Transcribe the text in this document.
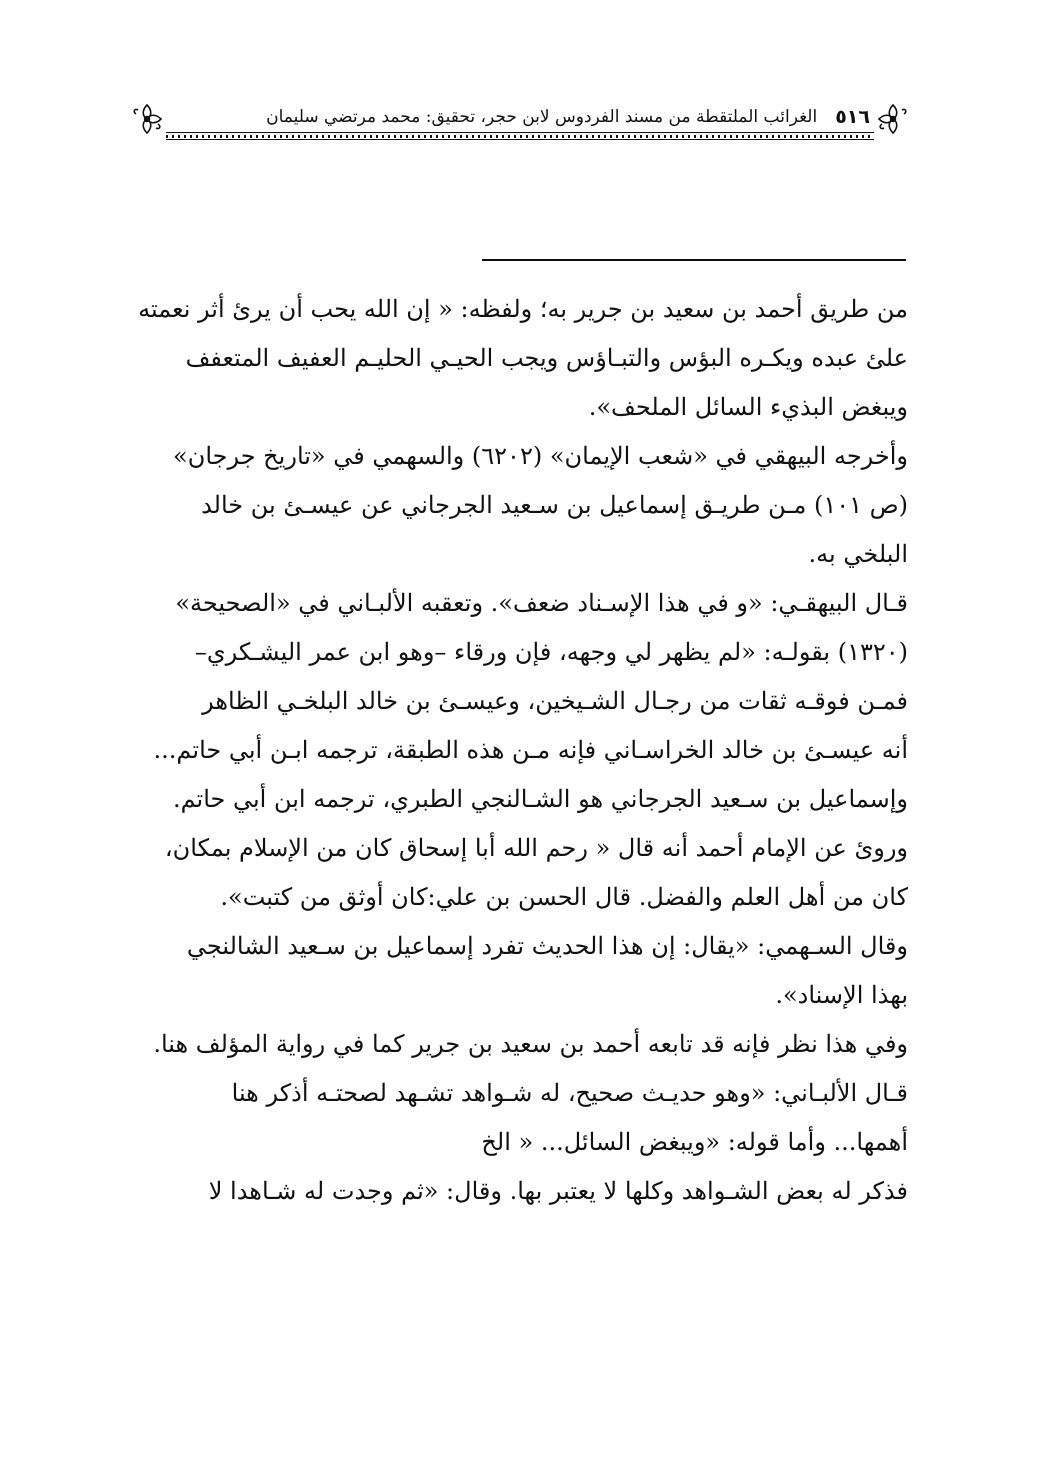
٥١٦
الغرائب الملتقطة من مسند الفردوس لابن حجر، تحقيق: محمد مرتضي سليمان
من طريق أحمد بن سعيد بن جرير به؛ ولفظه: « إن الله يحب أن يرئ أثر نعمته
علئ عبده ويكـره البؤس والتبـاؤس ويجب الحيـي الحليـم العفيف المتعفف
ويبغض البذيء السائل الملحف».
وأخرجه البيهقي في «شعب الإيمان» (٦٢٠٢) والسهمي في «تاريخ جرجان»
(ص ١٠١) مـن طريـق إسماعيل بن سـعيد الجرجاني عن عيسـئ بن خالد
البلخي به.
قـال البيهقـي: «و في هذا الإسـناد ضعف». وتعقبه الألبـاني في «الصحيحة»
(١٣٢٠) بقولـه: «لم يظهر لي وجهه، فإن ورقاء –وهو ابن عمر اليشـكري–
فمـن فوقـه ثقات من رجـال الشـيخين، وعيسـئ بن خالد البلخـي الظاهر
أنه عيسـئ بن خالد الخراسـاني فإنه مـن هذه الطبقة، ترجمه ابـن أبي حاتم...
وإسماعيل بن سـعيد الجرجاني هو الشـالنجي الطبري، ترجمه ابن أبي حاتم.
وروئ عن الإمام أحمد أنه قال « رحم الله أبا إسحاق كان من الإسلام بمكان،
كان من أهل العلم والفضل. قال الحسن بن علي:كان أوثق من كتبت».
وقال السـهمي: «يقال: إن هذا الحديث تفرد إسماعيل بن سـعيد الشالنجي
بهذا الإسناد».
وفي هذا نظر فإنه قد تابعه أحمد بن سعيد بن جرير كما في رواية المؤلف هنا.
قـال الألبـاني: «وهو حديـث صحيح، له شـواهد تشـهد لصحتـه أذكر هنا
أهمها... وأما قوله: «ويبغض السائل... « الخ
فذكر له بعض الشـواهد وكلها لا يعتبر بها. وقال: «ثم وجدت له شـاهدا لا
